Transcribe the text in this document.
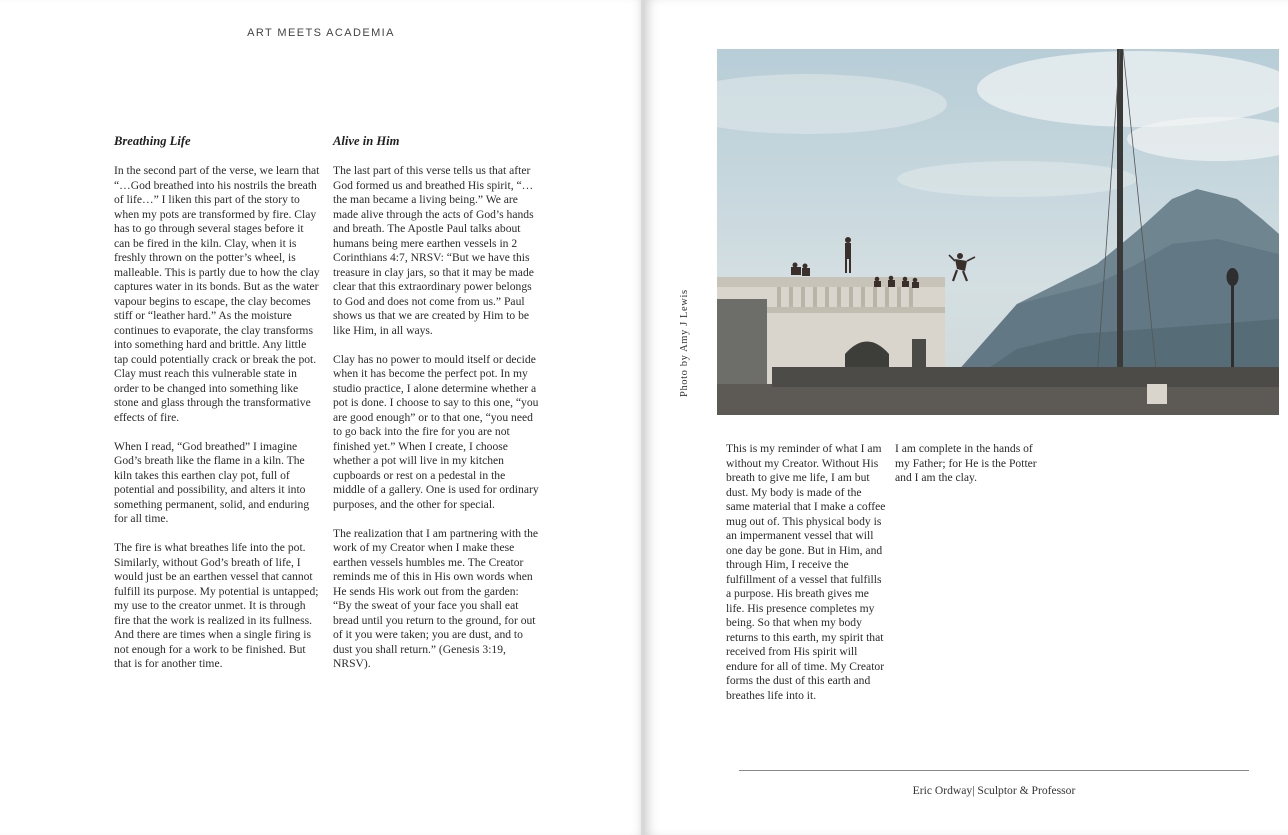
ART MEETS ACADEMIA
Breathing Life

In the second part of the verse, we learn that “…God breathed into his nostrils the breath of life…” I liken this part of the story to when my pots are transformed by fire. Clay has to go through several stages before it can be fired in the kiln. Clay, when it is freshly thrown on the potter’s wheel, is malleable. This is partly due to how the clay captures water in its bonds. But as the water vapour begins to escape, the clay becomes stiff or “leather hard.” As the moisture continues to evaporate, the clay transforms into something hard and brittle. Any little tap could potentially crack or break the pot. Clay must reach this vulnerable state in order to be changed into something like stone and glass through the transformative effects of fire.

When I read, “God breathed” I imagine God’s breath like the flame in a kiln. The kiln takes this earthen clay pot, full of potential and possibility, and alters it into something permanent, solid, and enduring for all time.

The fire is what breathes life into the pot. Similarly, without God’s breath of life, I would just be an earthen vessel that cannot fulfill its purpose. My potential is untapped; my use to the creator unmet. It is through fire that the work is realized in its fullness. And there are times when a single firing is not enough for a work to be finished. But that is for another time.

Alive in Him

The last part of this verse tells us that after God formed us and breathed His spirit, “…the man became a living being.” We are made alive through the acts of God’s hands and breath. The Apostle Paul talks about humans being mere earthen vessels in 2 Corinthians 4:7, NRSV: “But we have this treasure in clay jars, so that it may be made clear that this extraordinary power belongs to God and does not come from us.” Paul shows us that we are created by Him to be like Him, in all ways.

Clay has no power to mould itself or decide when it has become the perfect pot. In my studio practice, I alone determine whether a pot is done. I choose to say to this one, “you are good enough” or to that one, “you need to go back into the fire for you are not finished yet.” When I create, I choose whether a pot will live in my kitchen cupboards or rest on a pedestal in the middle of a gallery. One is used for ordinary purposes, and the other for special.

The realization that I am partnering with the work of my Creator when I make these earthen vessels humbles me. The Creator reminds me of this in His own words when He sends His work out from the garden: “By the sweat of your face you shall eat bread until you return to the ground, for out of it you were taken; you are dust, and to dust you shall return.” (Genesis 3:19, NRSV).

Photo by Amy J Lewis

This is my reminder of what I am without my Creator. Without His breath to give me life, I am but dust. My body is made of the same material that I make a coffee mug out of. This physical body is an impermanent vessel that will one day be gone. But in Him, and through Him, I receive the fulfillment of a vessel that fulfills a purpose. His breath gives me life. His presence completes my being. So that when my body returns to this earth, my spirit that received from His spirit will endure for all of time. My Creator forms the dust of this earth and breathes life into it.

I am complete in the hands of my Father; for He is the Potter and I am the clay.

Eric Ordway| Sculptor & Professor
